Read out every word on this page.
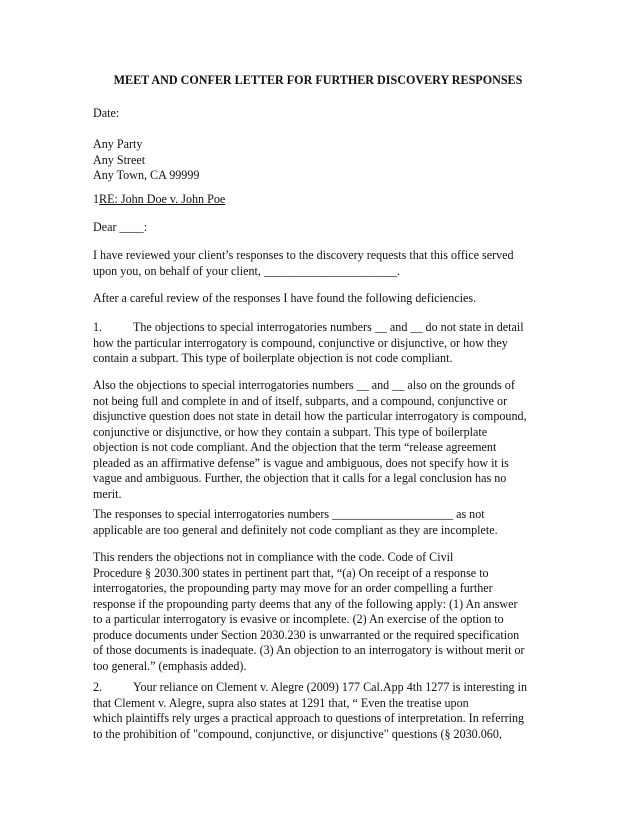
MEET AND CONFER LETTER FOR FURTHER DISCOVERY RESPONSES
Date:
Any Party
Any Street
Any Town, CA 99999
1RE: John Doe v. John Poe
Dear ____:
I have reviewed your client’s responses to the discovery requests that this office served
upon you, on behalf of your client, ______________________.
After a careful review of the responses I have found the following deficiencies.
1.	The objections to special interrogatories numbers __ and __ do not state in detail
how the particular interrogatory is compound, conjunctive or disjunctive, or how they
contain a subpart. This type of boilerplate objection is not code compliant.
Also the objections to special interrogatories numbers __ and __ also on the grounds of
not being full and complete in and of itself, subparts, and a compound, conjunctive or
disjunctive question does not state in detail how the particular interrogatory is compound,
conjunctive or disjunctive, or how they contain a subpart. This type of boilerplate
objection is not code compliant. And the objection that the term “release agreement
pleaded as an affirmative defense” is vague and ambiguous, does not specify how it is
vague and ambiguous. Further, the objection that it calls for a legal conclusion has no
merit.
The responses to special interrogatories numbers ____________________ as not
applicable are too general and definitely not code compliant as they are incomplete.
This renders the objections not in compliance with the code. Code of Civil
Procedure § 2030.300 states in pertinent part that, “(a) On receipt of a response to
interrogatories, the propounding party may move for an order compelling a further
response if the propounding party deems that any of the following apply: (1) An answer
to a particular interrogatory is evasive or incomplete. (2) An exercise of the option to
produce documents under Section 2030.230 is unwarranted or the required specification
of those documents is inadequate. (3) An objection to an interrogatory is without merit or
too general.” (emphasis added).
2.	Your reliance on Clement v. Alegre (2009) 177 Cal.App 4th 1277 is interesting in
that Clement v. Alegre, supra also states at 1291 that, “ Even the treatise upon
which plaintiffs rely urges a practical approach to questions of interpretation. In referring
to the prohibition of "compound, conjunctive, or disjunctive" questions (§ 2030.060,
